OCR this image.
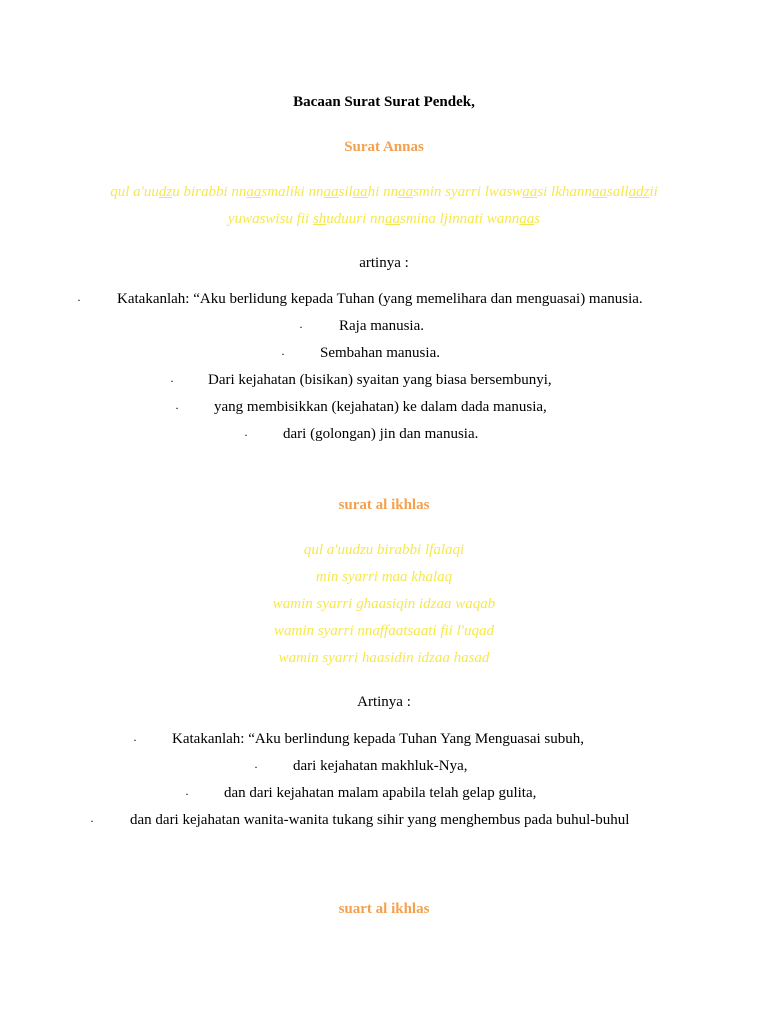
Bacaan Surat Surat Pendek,
Surat Annas
qul a'uudzu birabbi nnaasmaliki nnaasilaahi nnaasmin syarri lwaswaasi lkhannaasalladzii
yuwaswisu fii shuduuri nnaasmina ljinnati wannaas
artinya :
· Katakanlah: “Aku berlidung kepada Tuhan (yang memelihara dan menguasai) manusia.
· Raja manusia.
· Sembahan manusia.
· Dari kejahatan (bisikan) syaitan yang biasa bersembunyi,
· yang membisikkan (kejahatan) ke dalam dada manusia,
· dari (golongan) jin dan manusia.
surat al ikhlas
qul a'uudzu birabbi lfalaqi
min syarri maa khalaq
wamin syarri ghaasiqin idzaa waqab
wamin syarri nnaffaatsaati fii l'uqad
wamin syarri haasidin idzaa hasad
Artinya :
· Katakanlah: “Aku berlindung kepada Tuhan Yang Menguasai subuh,
· dari kejahatan makhluk-Nya,
· dan dari kejahatan malam apabila telah gelap gulita,
· dan dari kejahatan wanita-wanita tukang sihir yang menghembus pada buhul-buhul
suart al ikhlas
